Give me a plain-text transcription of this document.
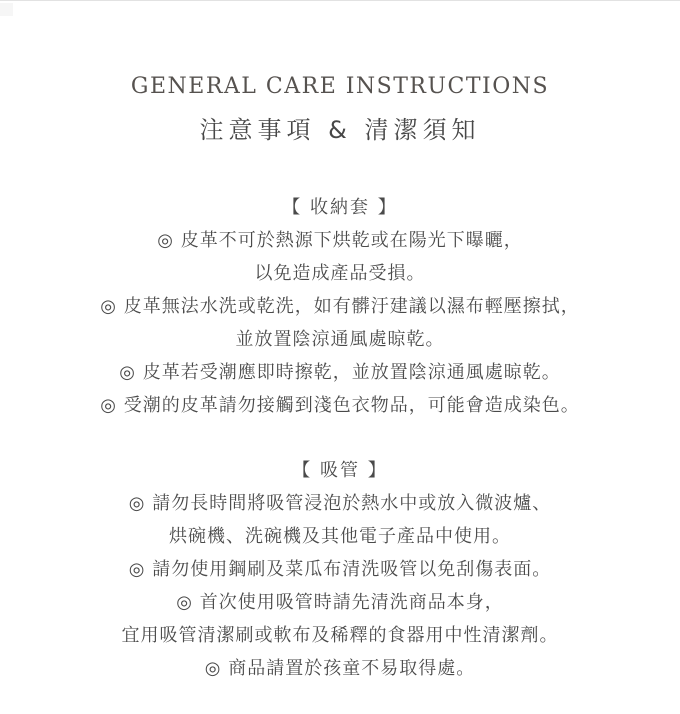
GENERAL CARE INSTRUCTIONS
注意事項 & 清潔須知
【 收納套 】

◎ 皮革不可於熱源下烘乾或在陽光下曝曬，

以免造成產品受損。

◎ 皮革無法水洗或乾洗，如有髒汙建議以濕布輕壓擦拭，

並放置陰涼通風處晾乾。

◎ 皮革若受潮應即時擦乾，並放置陰涼通風處晾乾。

◎ 受潮的皮革請勿接觸到淺色衣物品，可能會造成染色。

【 吸管 】

◎ 請勿長時間將吸管浸泡於熱水中或放入微波爐、

烘碗機、洗碗機及其他電子產品中使用。

◎ 請勿使用鋼刷及菜瓜布清洗吸管以免刮傷表面。

◎ 首次使用吸管時請先清洗商品本身，

宜用吸管清潔刷或軟布及稀釋的食器用中性清潔劑。

◎ 商品請置於孩童不易取得處。
